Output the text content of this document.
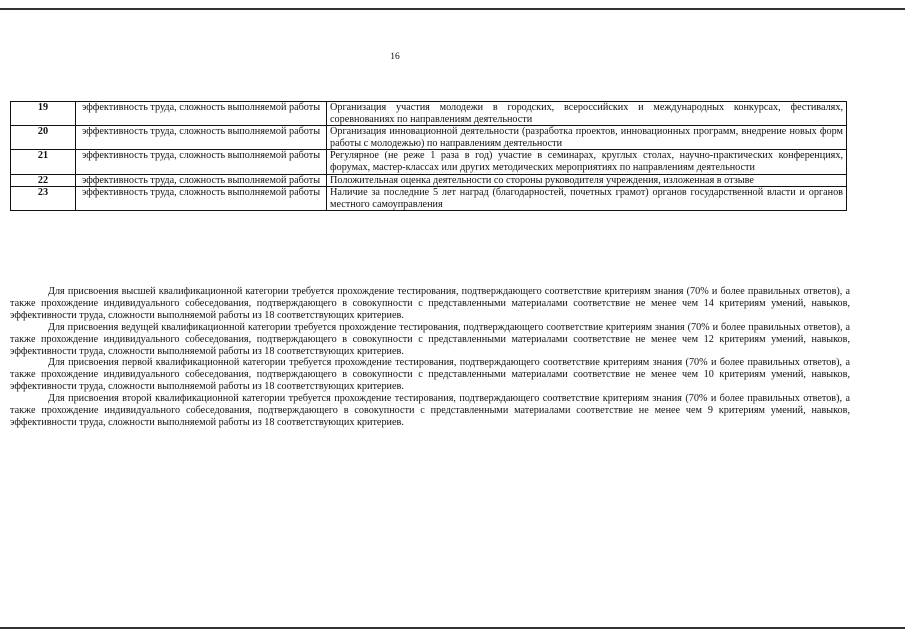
16
19	эффективность труда, сложность выполняемой работы	Организация участия молодежи в городских, всероссийских и международных конкурсах, фестивалях, соревнованиях по направлениям деятельности
20	эффективность труда, сложность выполняемой работы	Организация инновационной деятельности (разработка проектов, инновационных программ, внедрение новых форм работы с молодежью) по направлениям деятельности
21	эффективность труда, сложность выполняемой работы	Регулярное (не реже 1 раза в год) участие в семинарах, круглых столах, научно-практических конференциях, форумах, мастер-классах или других методических мероприятиях по направлениям деятельности
22	эффективность труда, сложность выполняемой работы	Положительная оценка деятельности со стороны руководителя учреждения, изложенная в отзыве
23	эффективность труда, сложность выполняемой работы	Наличие за последние 5 лет наград (благодарностей, почетных грамот) органов государственной власти и органов местного самоуправления

Для присвоения высшей квалификационной категории требуется прохождение тестирования, подтверждающего соответствие критериям знания (70% и более правильных ответов), а также прохождение индивидуального собеседования, подтверждающего в совокупности с представленными материалами соответствие не менее чем 14 критериям умений, навыков, эффективности труда, сложности выполняемой работы из 18 соответствующих критериев.

Для присвоения ведущей квалификационной категории требуется прохождение тестирования, подтверждающего соответствие критериям знания (70% и более правильных ответов), а также прохождение индивидуального собеседования, подтверждающего в совокупности с представленными материалами соответствие не менее чем 12 критериям умений, навыков, эффективности труда, сложности выполняемой работы из 18 соответствующих критериев.

Для присвоения первой квалификационной категории требуется прохождение тестирования, подтверждающего соответствие критериям знания (70% и более правильных ответов), а также прохождение индивидуального собеседования, подтверждающего в совокупности с представленными материалами соответствие не менее чем 10 критериям умений, навыков, эффективности труда, сложности выполняемой работы из 18 соответствующих критериев.

Для присвоения второй квалификационной категории требуется прохождение тестирования, подтверждающего соответствие критериям знания (70% и более правильных ответов), а также прохождение индивидуального собеседования, подтверждающего в совокупности с представленными материалами соответствие не менее чем 9 критериям умений, навыков, эффективности труда, сложности выполняемой работы из 18 соответствующих критериев.
